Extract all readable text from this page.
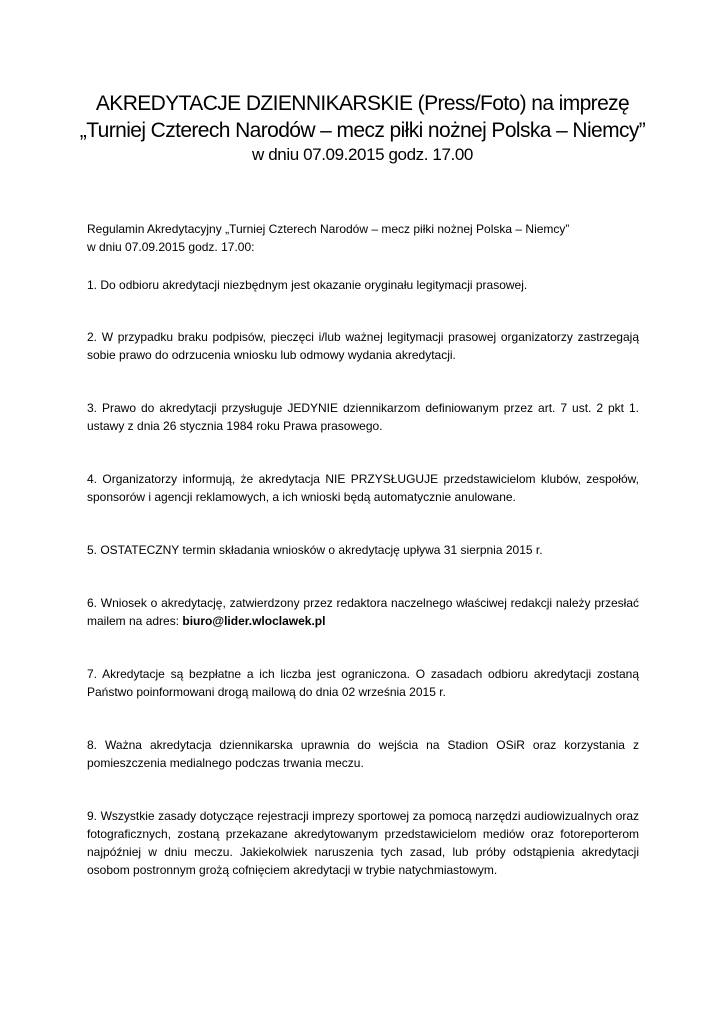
AKREDYTACJE DZIENNIKARSKIE (Press/Foto) na imprezę
„Turniej Czterech Narodów – mecz piłki nożnej Polska – Niemcy”
w dniu 07.09.2015 godz. 17.00

Regulamin Akredytacyjny „Turniej Czterech Narodów – mecz piłki nożnej Polska – Niemcy”
w dniu 07.09.2015 godz. 17.00:

1. Do odbioru akredytacji niezbędnym jest okazanie oryginału legitymacji prasowej.

2. W przypadku braku podpisów, pieczęci i/lub ważnej legitymacji prasowej organizatorzy zastrzegają sobie prawo do odrzucenia wniosku lub odmowy wydania akredytacji.

3. Prawo do akredytacji przysługuje JEDYNIE dziennikarzom definiowanym przez art. 7 ust. 2 pkt 1. ustawy z dnia 26 stycznia 1984 roku Prawa prasowego.

4. Organizatorzy informują, że akredytacja NIE PRZYSŁUGUJE przedstawicielom klubów, zespołów, sponsorów i agencji reklamowych, a ich wnioski będą automatycznie anulowane.

5. OSTATECZNY termin składania wniosków o akredytację upływa 31 sierpnia 2015 r.

6. Wniosek o akredytację, zatwierdzony przez redaktora naczelnego właściwej redakcji należy przesłać mailem na adres: biuro@lider.wloclawek.pl

7. Akredytacje są bezpłatne a ich liczba jest ograniczona. O zasadach odbioru akredytacji zostaną Państwo poinformowani drogą mailową do dnia 02 września 2015 r.

8. Ważna akredytacja dziennikarska uprawnia do wejścia na Stadion OSiR oraz korzystania z pomieszczenia medialnego podczas trwania meczu.

9. Wszystkie zasady dotyczące rejestracji imprezy sportowej za pomocą narzędzi audiowizualnych oraz fotograficznych, zostaną przekazane akredytowanym przedstawicielom mediów oraz fotoreporterom najpóźniej w dniu meczu. Jakiekolwiek naruszenia tych zasad, lub próby odstąpienia akredytacji osobom postronnym grożą cofnięciem akredytacji w trybie natychmiastowym.
